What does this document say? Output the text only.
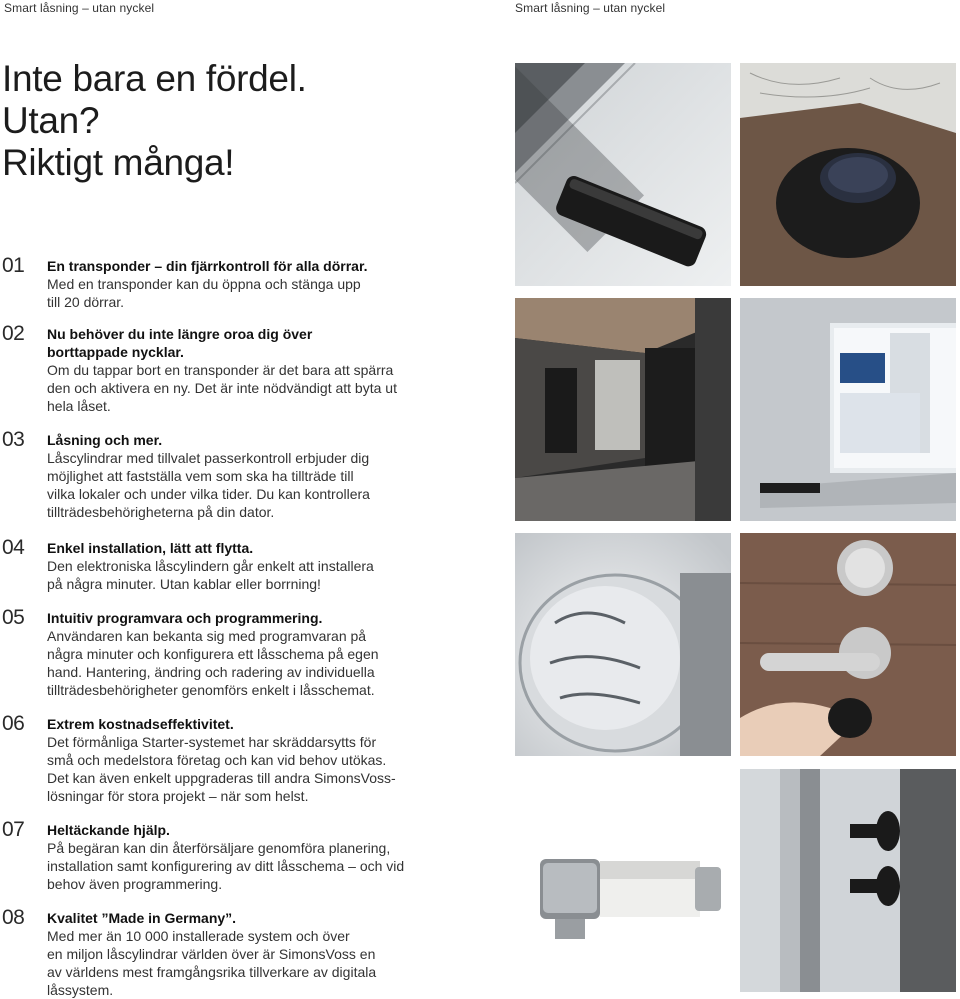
Smart låsning – utan nyckel	Smart låsning – utan nyckel
Inte bara en fördel.
Utan?
Riktigt många!
01 En transponder – din fjärrkontroll för alla dörrar.
Med en transponder kan du öppna och stänga upp
till 20 dörrar.
02 Nu behöver du inte längre oroa dig över
borttappade nycklar.
Om du tappar bort en transponder är det bara att spärra
den och aktivera en ny. Det är inte nödvändigt att byta ut
hela låset.
03 Låsning och mer.
Låscylindrar med tillvalet passerkontroll erbjuder dig
möjlighet att fastställa vem som ska ha tillträde till
vilka lokaler och under vilka tider. Du kan kontrollera
tillträdesbehörigheterna på din dator.
04 Enkel installation, lätt att flytta.
Den elektroniska låscylindern går enkelt att installera
på några minuter. Utan kablar eller borrning!
05 Intuitiv programvara och programmering.
Användaren kan bekanta sig med programvaran på
några minuter och konfigurera ett låsschema på egen
hand. Hantering, ändring och radering av individuella
tillträdesbehörigheter genomförs enkelt i låsschemat.
06 Extrem kostnadseffektivitet.
Det förmånliga Starter-systemet har skräddarsytts för
små och medelstora företag och kan vid behov utökas.
Det kan även enkelt uppgraderas till andra SimonsVoss-
lösningar för stora projekt – när som helst.
07 Heltäckande hjälp.
På begäran kan din återförsäljare genomföra planering,
installation samt konfigurering av ditt låsschema – och vid
behov även programmering.
08 Kvalitet ”Made in Germany”.
Med mer än 10 000 installerade system och över
en miljon låscylindrar världen över är SimonsVoss en
av världens mest framgångsrika tillverkare av digitala
låssystem.
